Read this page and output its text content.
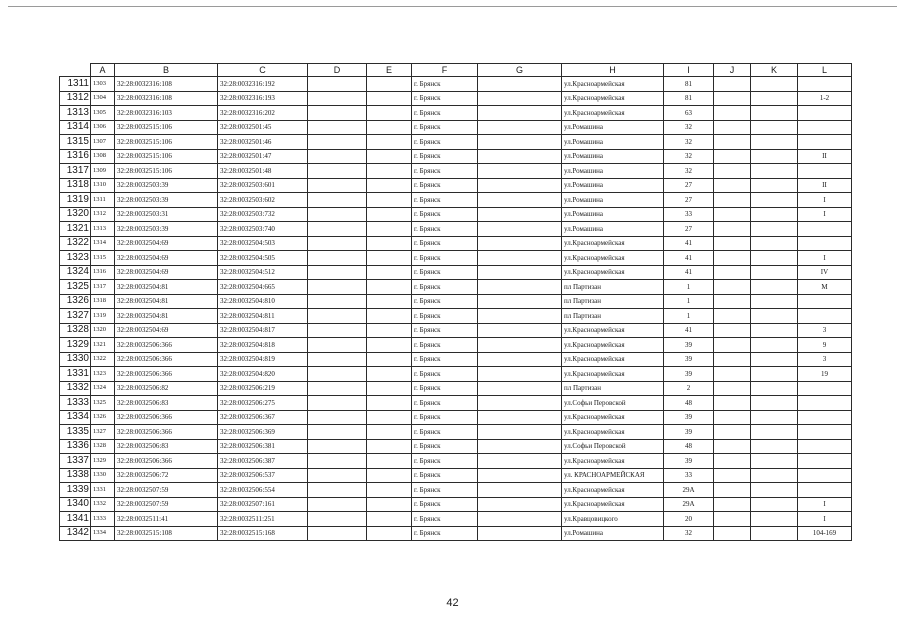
	A	B	C	D	E	F	G	H	I	J	K	L
1311	1303	32:28:0032316:108	32:28:0032316:192			г. Брянск		ул.Красноармейская	81			
1312	1304	32:28:0032316:108	32:28:0032316:193			г. Брянск		ул.Красноармейская	81			1-2
1313	1305	32:28:0032316:103	32:28:0032316:202			г. Брянск		ул.Красноармейская	63			
1314	1306	32:28:0032515:106	32:28:0032501:45			г. Брянск		ул.Ромашина	32			
1315	1307	32:28:0032515:106	32:28:0032501:46			г. Брянск		ул.Ромашина	32			
1316	1308	32:28:0032515:106	32:28:0032501:47			г. Брянск		ул.Ромашина	32			II
1317	1309	32:28:0032515:106	32:28:0032501:48			г. Брянск		ул.Ромашина	32			
1318	1310	32:28:0032503:39	32:28:0032503:601			г. Брянск		ул.Ромашина	27			II
1319	1311	32:28:0032503:39	32:28:0032503:602			г. Брянск		ул.Ромашина	27			I
1320	1312	32:28:0032503:31	32:28:0032503:732			г. Брянск		ул.Ромашина	33			I
1321	1313	32:28:0032503:39	32:28:0032503:740			г. Брянск		ул.Ромашина	27			
1322	1314	32:28:0032504:69	32:28:0032504:503			г. Брянск		ул.Красноармейская	41			
1323	1315	32:28:0032504:69	32:28:0032504:505			г. Брянск		ул.Красноармейская	41			I
1324	1316	32:28:0032504:69	32:28:0032504:512			г. Брянск		ул.Красноармейская	41			IV
1325	1317	32:28:0032504:81	32:28:0032504:665			г. Брянск		пл Партизан	1			М
1326	1318	32:28:0032504:81	32:28:0032504:810			г. Брянск		пл Партизан	1			
1327	1319	32:28:0032504:81	32:28:0032504:811			г. Брянск		пл Партизан	1			
1328	1320	32:28:0032504:69	32:28:0032504:817			г. Брянск		ул.Красноармейская	41			3
1329	1321	32:28:0032506:366	32:28:0032504:818			г. Брянск		ул.Красноармейская	39			9
1330	1322	32:28:0032506:366	32:28:0032504:819			г. Брянск		ул.Красноармейская	39			3
1331	1323	32:28:0032506:366	32:28:0032504:820			г. Брянск		ул.Красноармейская	39			19
1332	1324	32:28:0032506:82	32:28:0032506:219			г. Брянск		пл Партизан	2			
1333	1325	32:28:0032506:83	32:28:0032506:275			г. Брянск		ул.Софьи Перовской	48			
1334	1326	32:28:0032506:366	32:28:0032506:367			г. Брянск		ул.Красноармейская	39			
1335	1327	32:28:0032506:366	32:28:0032506:369			г. Брянск		ул.Красноармейская	39			
1336	1328	32:28:0032506:83	32:28:0032506:381			г. Брянск		ул.Софьи Перовской	48			
1337	1329	32:28:0032506:366	32:28:0032506:387			г. Брянск		ул.Красноармейская	39			
1338	1330	32:28:0032506:72	32:28:0032506:537			г. Брянск		ул. КРАСНОАРМЕЙСКАЯ	33			
1339	1331	32:28:0032507:59	32:28:0032506:554			г. Брянск		ул.Красноармейская	29А			
1340	1332	32:28:0032507:59	32:28:0032507:161			г. Брянск		ул.Красноармейская	29А			I
1341	1333	32:28:0032511:41	32:28:0032511:251			г. Брянск		ул.Кравцовицкого	20			I
1342	1334	32:28:0032515:108	32:28:0032515:168			г. Брянск		ул.Ромашина	32			104-169
42
